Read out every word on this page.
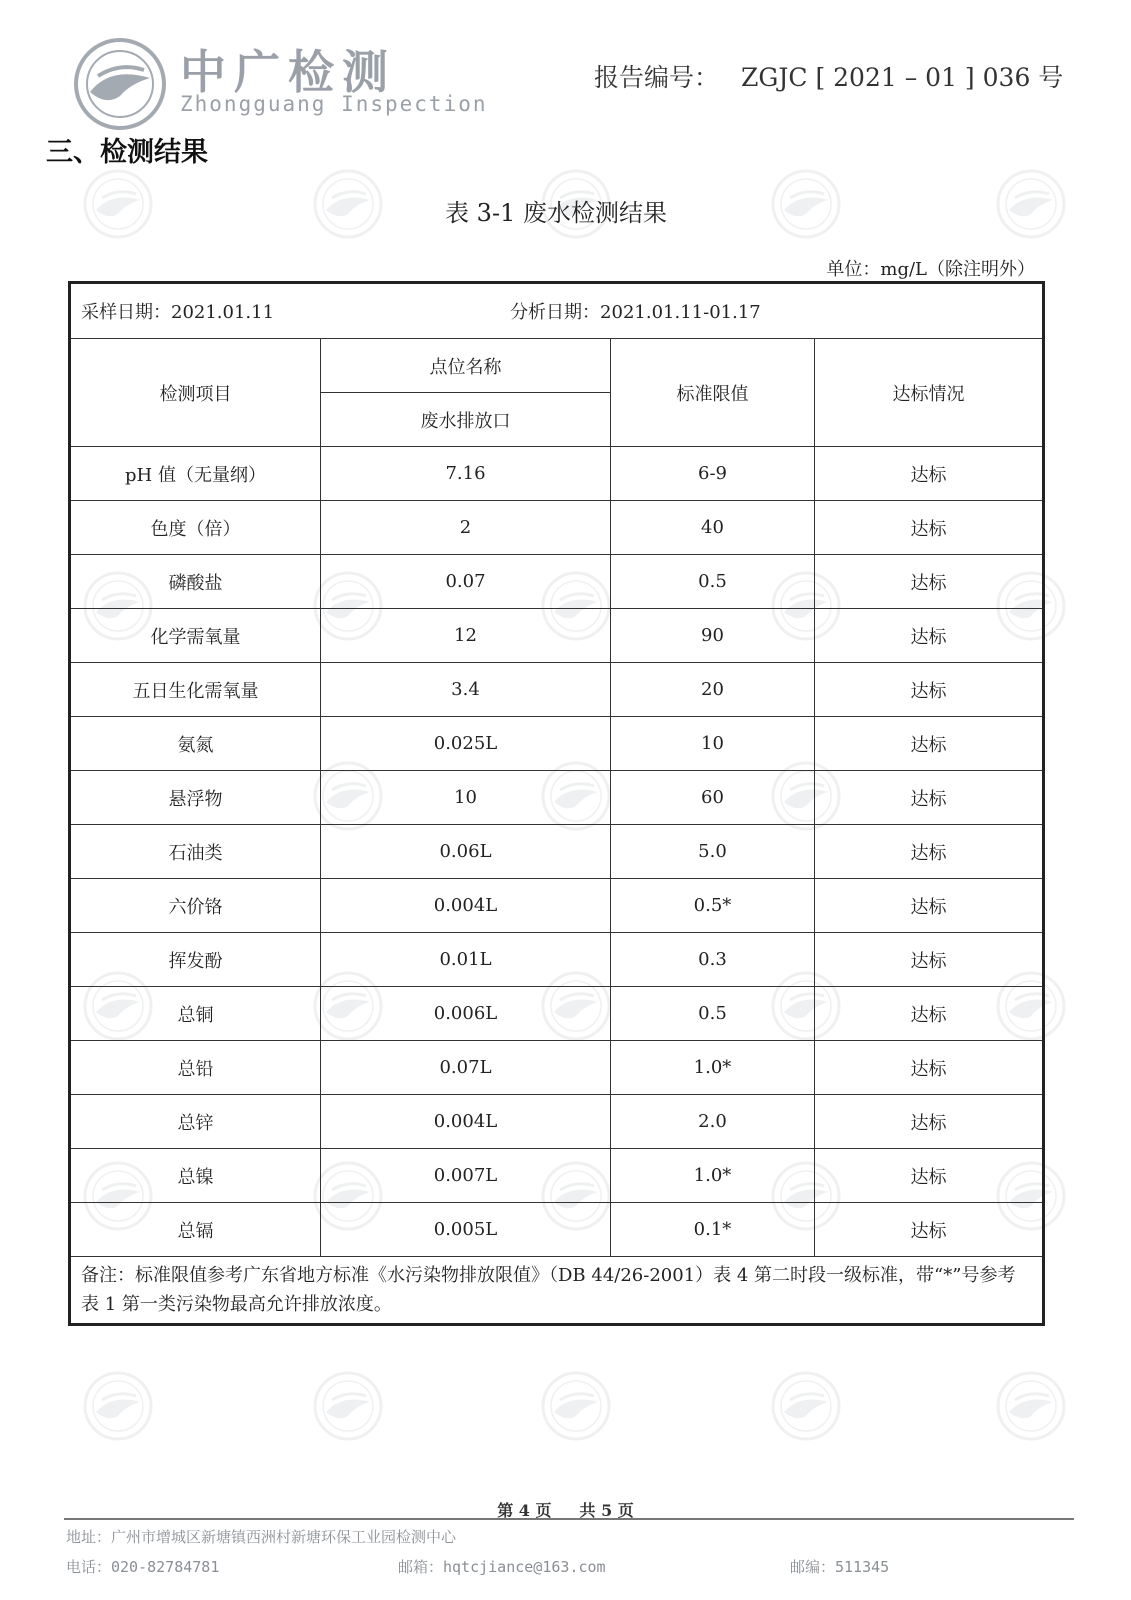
中广检测
Zhongguang Inspection
报告编号： ZGJC [ 2021 – 01 ] 036 号
三、检测结果
表 3-1 废水检测结果
单位：mg/L（除注明外）
采样日期：2021.01.11 分析日期：2021.01.11-01.17			
检测项目	点位名称	标准限值	达标情况
	废水排放口		
pH 值（无量纲）	7.16	6-9	达标
色度（倍）	2	40	达标
磷酸盐	0.07	0.5	达标
化学需氧量	12	90	达标
五日生化需氧量	3.4	20	达标
氨氮	0.025L	10	达标
悬浮物	10	60	达标
石油类	0.06L	5.0	达标
六价铬	0.004L	0.5*	达标
挥发酚	0.01L	0.3	达标
总铜	0.006L	0.5	达标
总铅	0.07L	1.0*	达标
总锌	0.004L	2.0	达标
总镍	0.007L	1.0*	达标
总镉	0.005L	0.1*	达标
备注：标准限值参考广东省地方标准《水污染物排放限值》（DB 44/26-2001）表 4 第二时段一级标准，带“*”号参考表 1 第一类污染物最高允许排放浓度。			
第 4 页 共 5 页
地址：广州市增城区新塘镇西洲村新塘环保工业园检测中心
电话：020-82784781	邮箱：hqtcjiance@163.com	邮编：511345
